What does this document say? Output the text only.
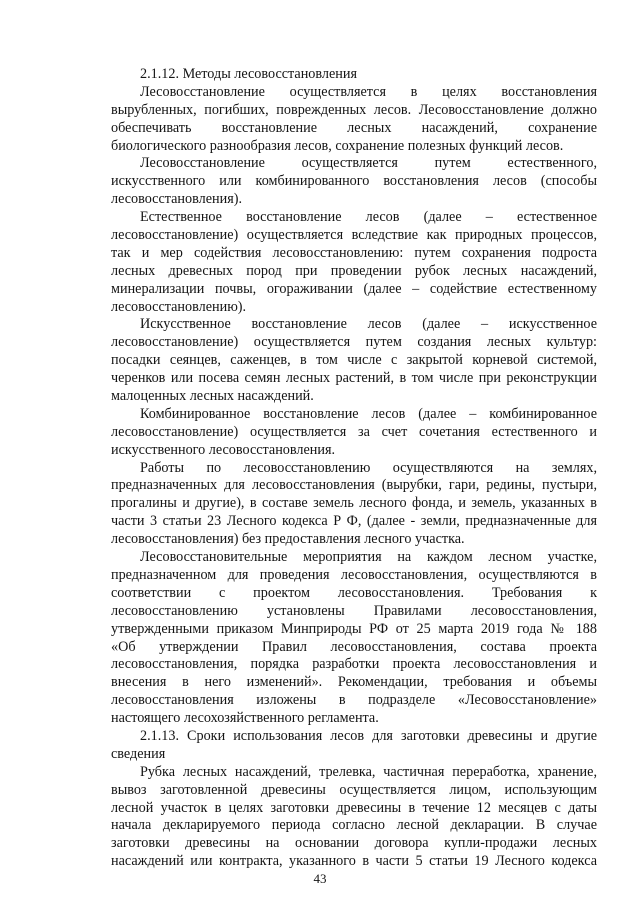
2.1.12. Методы лесовосстановления
Лесовосстановление осуществляется в целях восстановления
вырубленных, погибших, поврежденных лесов. Лесовосстановление должно
обеспечивать восстановление лесных насаждений, сохранение
биологического разнообразия лесов, сохранение полезных функций лесов.
Лесовосстановление осуществляется путем естественного,
искусственного или комбинированного восстановления лесов (способы
лесовосстановления).
Естественное восстановление лесов (далее – естественное
лесовосстановление) осуществляется вследствие как природных процессов,
так и мер содействия лесовосстановлению: путем сохранения подроста
лесных древесных пород при проведении рубок лесных насаждений,
минерализации почвы, огораживании (далее – содействие естественному
лесовосстановлению).
Искусственное восстановление лесов (далее – искусственное
лесовосстановление) осуществляется путем создания лесных культур:
посадки сеянцев, саженцев, в том числе с закрытой корневой системой,
черенков или посева семян лесных растений, в том числе при реконструкции
малоценных лесных насаждений.
Комбинированное восстановление лесов (далее – комбинированное
лесовосстановление) осуществляется за счет сочетания естественного и
искусственного лесовосстановления.
Работы по лесовосстановлению осуществляются на землях,
предназначенных для лесовосстановления (вырубки, гари, редины, пустыри,
прогалины и другие), в составе земель лесного фонда, и земель, указанных в
части 3 статьи 23 Лесного кодекса Р Ф, (далее - земли, предназначенные для
лесовосстановления) без предоставления лесного участка.
Лесовосстановительные мероприятия на каждом лесном участке,
предназначенном для проведения лесовосстановления, осуществляются в
соответствии с проектом лесовосстановления. Требования к
лесовосстановлению установлены Правилами лесовосстановления,
утвержденными приказом Минприроды РФ от 25 марта 2019 года № 188
«Об утверждении Правил лесовосстановления, состава проекта
лесовосстановления, порядка разработки проекта лесовосстановления и
внесения в него изменений». Рекомендации, требования и объемы
лесовосстановления изложены в подразделе «Лесовосстановление»
настоящего лесохозяйственного регламента.
2.1.13. Сроки использования лесов для заготовки древесины и другие
сведения
Рубка лесных насаждений, трелевка, частичная переработка, хранение,
вывоз заготовленной древесины осуществляется лицом, использующим
лесной участок в целях заготовки древесины в течение 12 месяцев с даты
начала декларируемого периода согласно лесной декларации. В случае
заготовки древесины на основании договора купли-продажи лесных
насаждений или контракта, указанного в части 5 статьи 19 Лесного кодекса
43
